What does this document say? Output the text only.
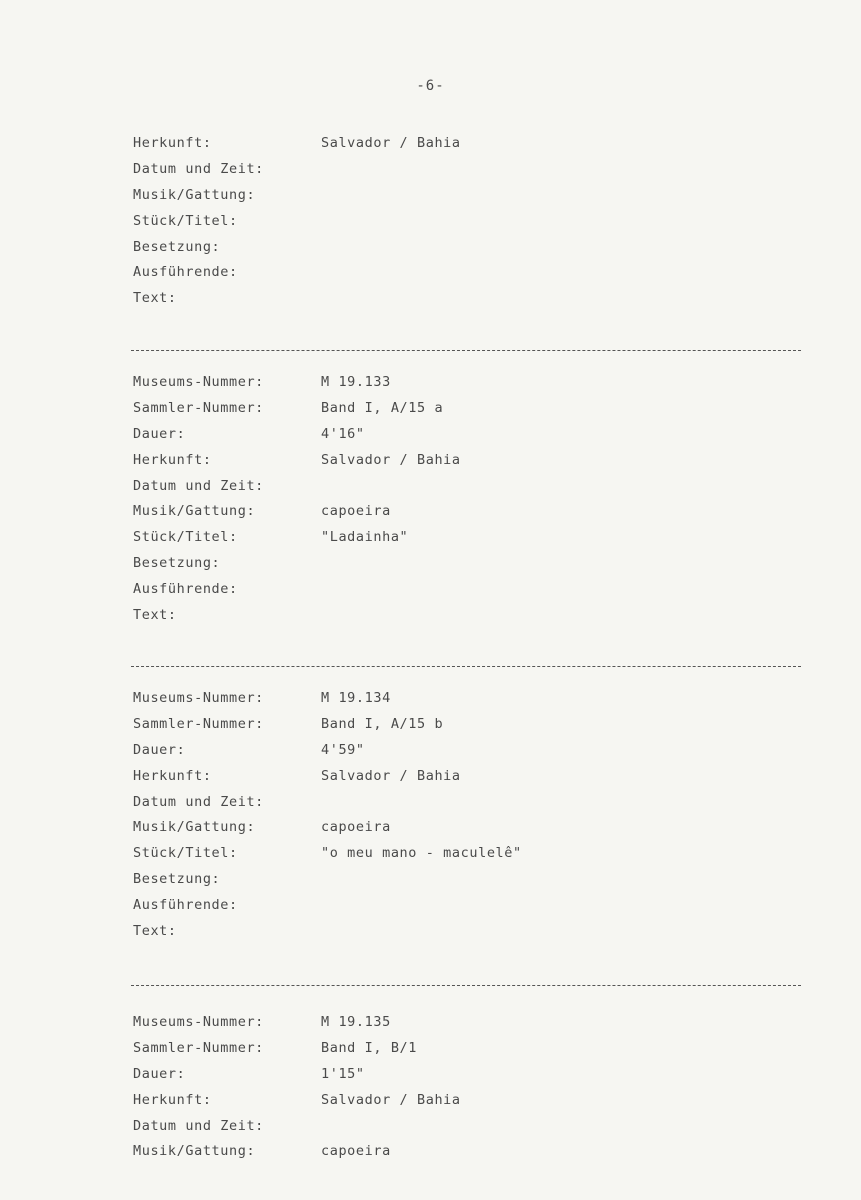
-6-
Herkunft:	Salvador / Bahia
Datum und Zeit:
Musik/Gattung:
Stück/Titel:
Besetzung:
Ausführende:
Text:
Museums-Nummer:	M 19.133
Sammler-Nummer:	Band I, A/15 a
Dauer:	4'16"
Herkunft:	Salvador / Bahia
Datum und Zeit:
Musik/Gattung:	capoeira
Stück/Titel:	"Ladainha"
Besetzung:
Ausführende:
Text:
Museums-Nummer:	M 19.134
Sammler-Nummer:	Band I, A/15 b
Dauer:	4'59"
Herkunft:	Salvador / Bahia
Datum und Zeit:
Musik/Gattung:	capoeira
Stück/Titel:	"o meu mano - maculelê"
Besetzung:
Ausführende:
Text:
Museums-Nummer:	M 19.135
Sammler-Nummer:	Band I, B/1
Dauer:	1'15"
Herkunft:	Salvador / Bahia
Datum und Zeit:
Musik/Gattung:	capoeira
